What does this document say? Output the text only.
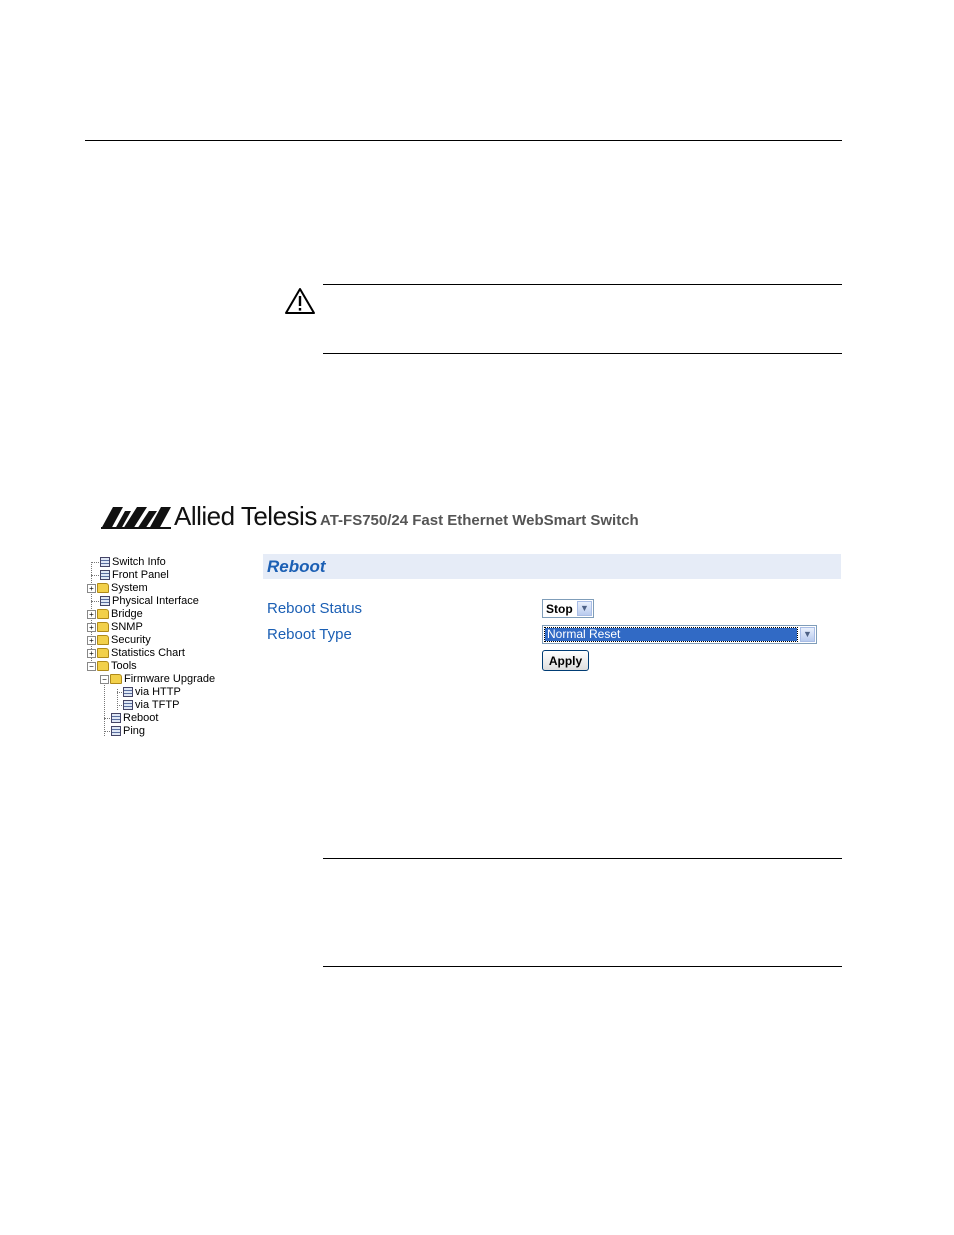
Allied Telesis AT-FS750/24 Fast Ethernet WebSmart Switch
Switch Info
Front Panel
+ System
Physical Interface
+ Bridge
+ SNMP
+ Security
+ Statistics Chart
− Tools
− Firmware Upgrade
via HTTP
via TFTP
Reboot
Ping
Reboot
Reboot Status	Stop ▼
Reboot Type	Normal Reset	▼
Apply
